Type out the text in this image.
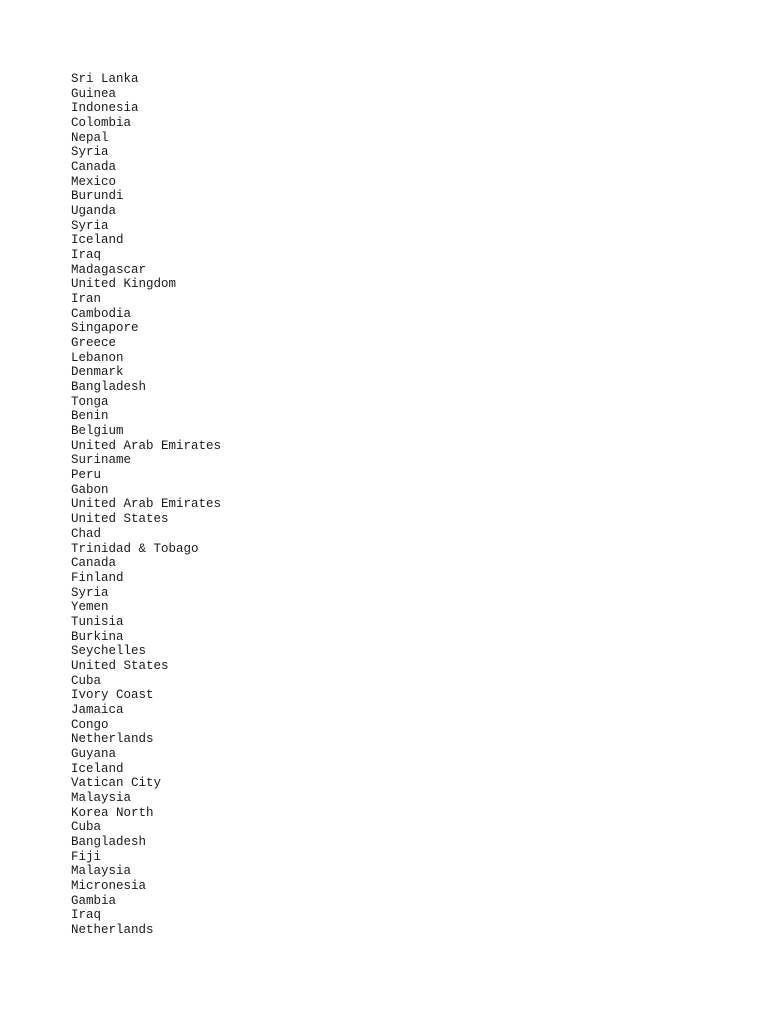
Sri Lanka
Guinea
Indonesia
Colombia
Nepal
Syria
Canada
Mexico
Burundi
Uganda
Syria
Iceland
Iraq
Madagascar
United Kingdom
Iran
Cambodia
Singapore
Greece
Lebanon
Denmark
Bangladesh
Tonga
Benin
Belgium
United Arab Emirates
Suriname
Peru
Gabon
United Arab Emirates
United States
Chad
Trinidad & Tobago
Canada
Finland
Syria
Yemen
Tunisia
Burkina
Seychelles
United States
Cuba
Ivory Coast
Jamaica
Congo
Netherlands
Guyana
Iceland
Vatican City
Malaysia
Korea North
Cuba
Bangladesh
Fiji
Malaysia
Micronesia
Gambia
Iraq
Netherlands
